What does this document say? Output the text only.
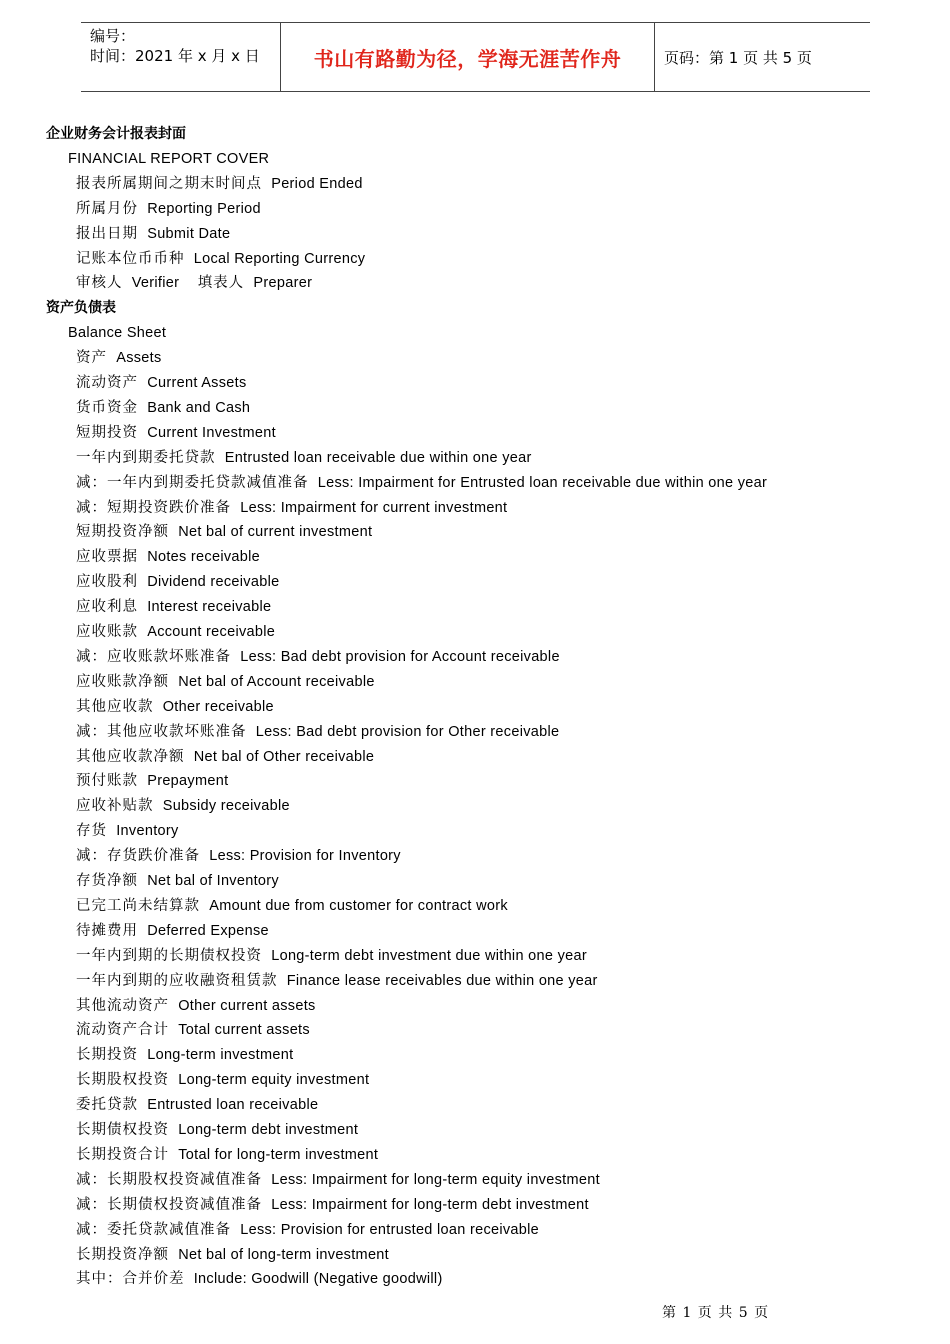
编号：
时间：2021 年 x 月 x 日	书山有路勤为径，学海无涯苦作舟	页码：第 1 页 共 5 页
企业财务会计报表封面
FINANCIAL REPORT COVER
报表所属期间之期末时间点 Period Ended
所属月份 Reporting Period
报出日期 Submit Date
记账本位币币种 Local Reporting Currency
审核人 Verifier 填表人 Preparer
资产负债表
Balance Sheet
资产 Assets
流动资产 Current Assets
货币资金 Bank and Cash
短期投资 Current Investment
一年内到期委托贷款 Entrusted loan receivable due within one year
减：一年内到期委托贷款减值准备 Less: Impairment for Entrusted loan receivable due within one year
减：短期投资跌价准备 Less: Impairment for current investment
短期投资净额 Net bal of current investment
应收票据 Notes receivable
应收股利 Dividend receivable
应收利息 Interest receivable
应收账款 Account receivable
减：应收账款坏账准备 Less: Bad debt provision for Account receivable
应收账款净额 Net bal of Account receivable
其他应收款 Other receivable
减：其他应收款坏账准备 Less: Bad debt provision for Other receivable
其他应收款净额 Net bal of Other receivable
预付账款 Prepayment
应收补贴款 Subsidy receivable
存货 Inventory
减：存货跌价准备 Less: Provision for Inventory
存货净额 Net bal of Inventory
已完工尚未结算款 Amount due from customer for contract work
待摊费用 Deferred Expense
一年内到期的长期债权投资 Long-term debt investment due within one year
一年内到期的应收融资租赁款 Finance lease receivables due within one year
其他流动资产 Other current assets
流动资产合计 Total current assets
长期投资 Long-term investment
长期股权投资 Long-term equity investment
委托贷款 Entrusted loan receivable
长期债权投资 Long-term debt investment
长期投资合计 Total for long-term investment
减：长期股权投资减值准备 Less: Impairment for long-term equity investment
减：长期债权投资减值准备 Less: Impairment for long-term debt investment
减：委托贷款减值准备 Less: Provision for entrusted loan receivable
长期投资净额 Net bal of long-term investment
其中：合并价差 Include: Goodwill (Negative goodwill)
第 1 页 共 5 页
